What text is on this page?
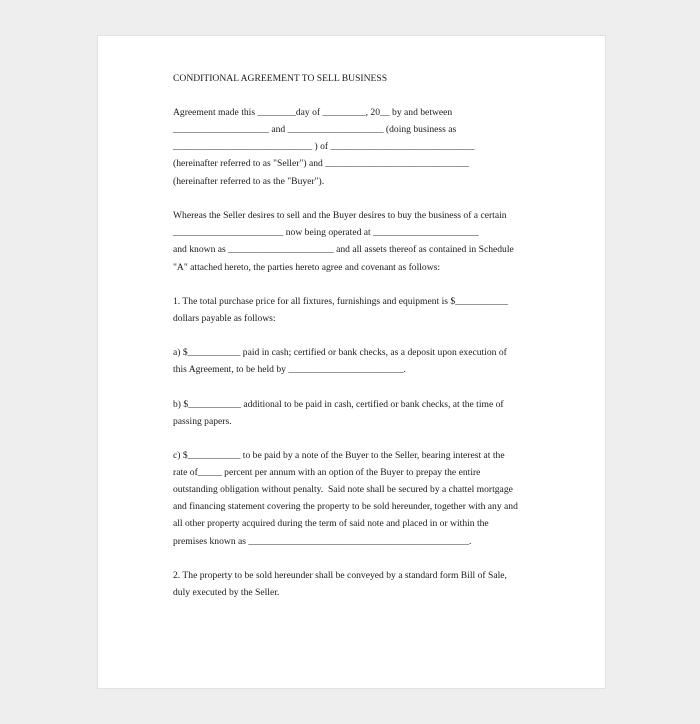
CONDITIONAL AGREEMENT TO SELL BUSINESS

Agreement made this ________day of _________, 20__ by and between

____________________ and ____________________ (doing business as

_____________________________ ) of ______________________________

(hereinafter referred to as "Seller") and ______________________________

(hereinafter referred to as the "Buyer").

Whereas the Seller desires to sell and the Buyer desires to buy the business of a certain

_______________________ now being operated at ______________________

and known as ______________________ and all assets thereof as contained in Schedule

"A" attached hereto, the parties hereto agree and covenant as follows:

1. The total purchase price for all fixtures, furnishings and equipment is $___________

dollars payable as follows:

a) $___________ paid in cash; certified or bank checks, as a deposit upon execution of

this Agreement, to be held by ________________________.

b) $___________ additional to be paid in cash, certified or bank checks, at the time of

passing papers.

c) $___________ to be paid by a note of the Buyer to the Seller, bearing interest at the

rate of_____ percent per annum with an option of the Buyer to prepay the entire

outstanding obligation without penalty.  Said note shall be secured by a chattel mortgage

and financing statement covering the property to be sold hereunder, together with any and

all other property acquired during the term of said note and placed in or within the

premises known as ______________________________________________.

2. The property to be sold hereunder shall be conveyed by a standard form Bill of Sale,

duly executed by the Seller.
